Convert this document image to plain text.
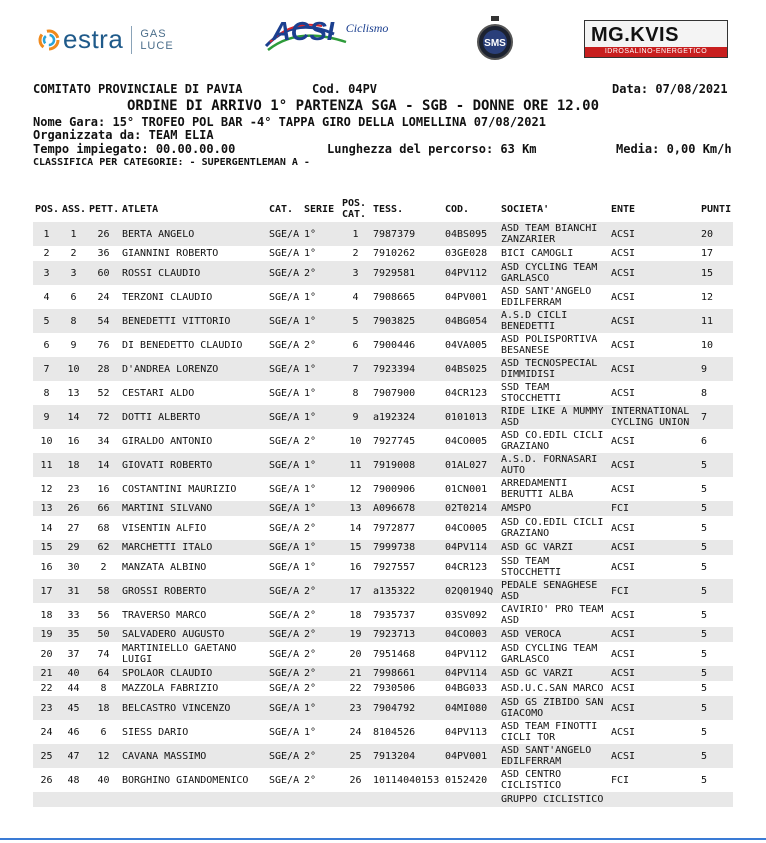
estra GAS
LUCE	ACSI $^{Ciclismo}$
SMS	MG.KVIS
IDROSALINO-ENERGETICO
COMITATO PROVINCIALE DI PAVIA	Cod. 04PV	Data: 07/08/2021
ORDINE DI ARRIVO 1° PARTENZA SGA - SGB - DONNE ORE 12.00
Nome Gara: 15° TROFEO POL BAR -4° TAPPA GIRO DELLA LOMELLINA 07/08/2021
Organizzata da: TEAM ELIA
Tempo impiegato: 00.00.00.00	Lunghezza del percorso: 63 Km	Media: 0,00 Km/h
CLASSIFICA PER CATEGORIE: - SUPERGENTLEMAN A -
POS.	ASS.	PETT.	ATLETA	CAT.	SERIE	POS. CAT.	TESS.	COD.	SOCIETA'	ENTE	PUNTI
1	1	26	BERTA ANGELO	SGE/A	1°	1	7987379	04BS095	ASD TEAM BIANCHI ZANZARIER	ACSI	20
2	2	36	GIANNINI ROBERTO	SGE/A	1°	2	7910262	03GE028	BICI CAMOGLI	ACSI	17
3	3	60	ROSSI CLAUDIO	SGE/A	2°	3	7929581	04PV112	ASD CYCLING TEAM GARLASCO	ACSI	15
4	6	24	TERZONI CLAUDIO	SGE/A	1°	4	7908665	04PV001	ASD SANT'ANGELO EDILFERRAM	ACSI	12
5	8	54	BENEDETTI VITTORIO	SGE/A	1°	5	7903825	04BG054	A.S.D CICLI BENEDETTI	ACSI	11
6	9	76	DI BENEDETTO CLAUDIO	SGE/A	2°	6	7900446	04VA005	ASD POLISPORTIVA BESANESE	ACSI	10
7	10	28	D'ANDREA LORENZO	SGE/A	1°	7	7923394	04BS025	ASD TECNOSPECIAL DIMMIDISI	ACSI	9
8	13	52	CESTARI ALDO	SGE/A	1°	8	7907900	04CR123	SSD TEAM STOCCHETTI	ACSI	8
9	14	72	DOTTI ALBERTO	SGE/A	1°	9	a192324	0101013	RIDE LIKE A MUMMY ASD	INTERNATIONAL CYCLING UNION	7
10	16	34	GIRALDO ANTONIO	SGE/A	2°	10	7927745	04CO005	ASD CO.EDIL CICLI GRAZIANO	ACSI	6
11	18	14	GIOVATI ROBERTO	SGE/A	1°	11	7919008	01AL027	A.S.D. FORNASARI AUTO	ACSI	5
12	23	16	COSTANTINI MAURIZIO	SGE/A	1°	12	7900906	01CN001	ARREDAMENTI BERUTTI ALBA	ACSI	5
13	26	66	MARTINI SILVANO	SGE/A	1°	13	A096678	02T0214	AMSPO	FCI	5
14	27	68	VISENTIN ALFIO	SGE/A	2°	14	7972877	04CO005	ASD CO.EDIL CICLI GRAZIANO	ACSI	5
15	29	62	MARCHETTI ITALO	SGE/A	1°	15	7999738	04PV114	ASD GC VARZI	ACSI	5
16	30	2	MANZATA ALBINO	SGE/A	1°	16	7927557	04CR123	SSD TEAM STOCCHETTI	ACSI	5
17	31	58	GROSSI ROBERTO	SGE/A	2°	17	a135322	02Q0194Q	PEDALE SENAGHESE ASD	FCI	5
18	33	56	TRAVERSO MARCO	SGE/A	2°	18	7935737	03SV092	CAVIRIO' PRO TEAM ASD	ACSI	5
19	35	50	SALVADERO AUGUSTO	SGE/A	2°	19	7923713	04CO003	ASD VEROCA	ACSI	5
20	37	74	MARTINIELLO GAETANO LUIGI	SGE/A	2°	20	7951468	04PV112	ASD CYCLING TEAM GARLASCO	ACSI	5
21	40	64	SPOLAOR CLAUDIO	SGE/A	2°	21	7998661	04PV114	ASD GC VARZI	ACSI	5
22	44	8	MAZZOLA FABRIZIO	SGE/A	2°	22	7930506	04BG033	ASD.U.C.SAN MARCO	ACSI	5
23	45	18	BELCASTRO VINCENZO	SGE/A	1°	23	7904792	04MI080	ASD GS ZIBIDO SAN GIACOMO	ACSI	5
24	46	6	SIESS DARIO	SGE/A	1°	24	8104526	04PV113	ASD TEAM FINOTTI CICLI TOR	ACSI	5
25	47	12	CAVANA MASSIMO	SGE/A	2°	25	7913204	04PV001	ASD SANT'ANGELO EDILFERRAM	ACSI	5
26	48	40	BORGHINO GIANDOMENICO	SGE/A	2°	26	10114040153	0152420	ASD CENTRO CICLISTICO	FCI	5
									GRUPPO CICLISTICO		
